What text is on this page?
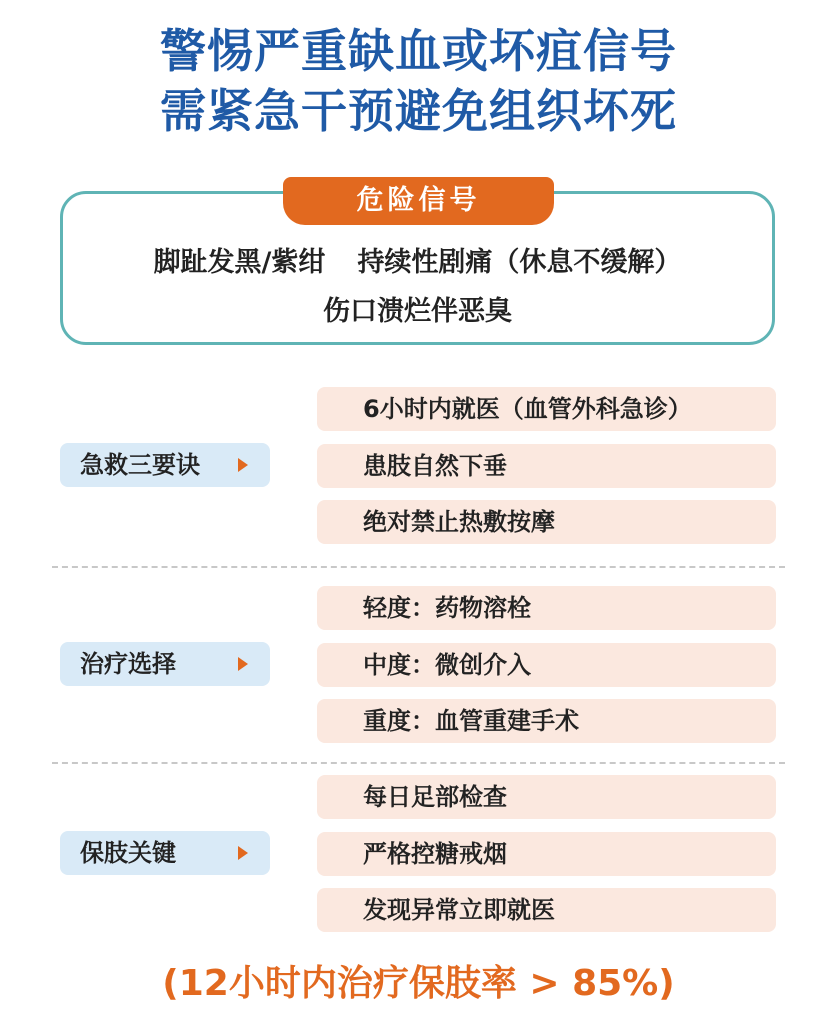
警惕严重缺血或坏疽信号
需紧急干预避免组织坏死
危险信号
脚趾发黑/紫绀 持续性剧痛（休息不缓解）
伤口溃烂伴恶臭
6小时内就医（血管外科急诊）
急救三要诀	患肢自然下垂
绝对禁止热敷按摩
轻度：药物溶栓
治疗选择	中度：微创介入
重度：血管重建手术
每日足部检查
保肢关键	严格控糖戒烟
发现异常立即就医
(12小时内治疗保肢率 > 85%)
